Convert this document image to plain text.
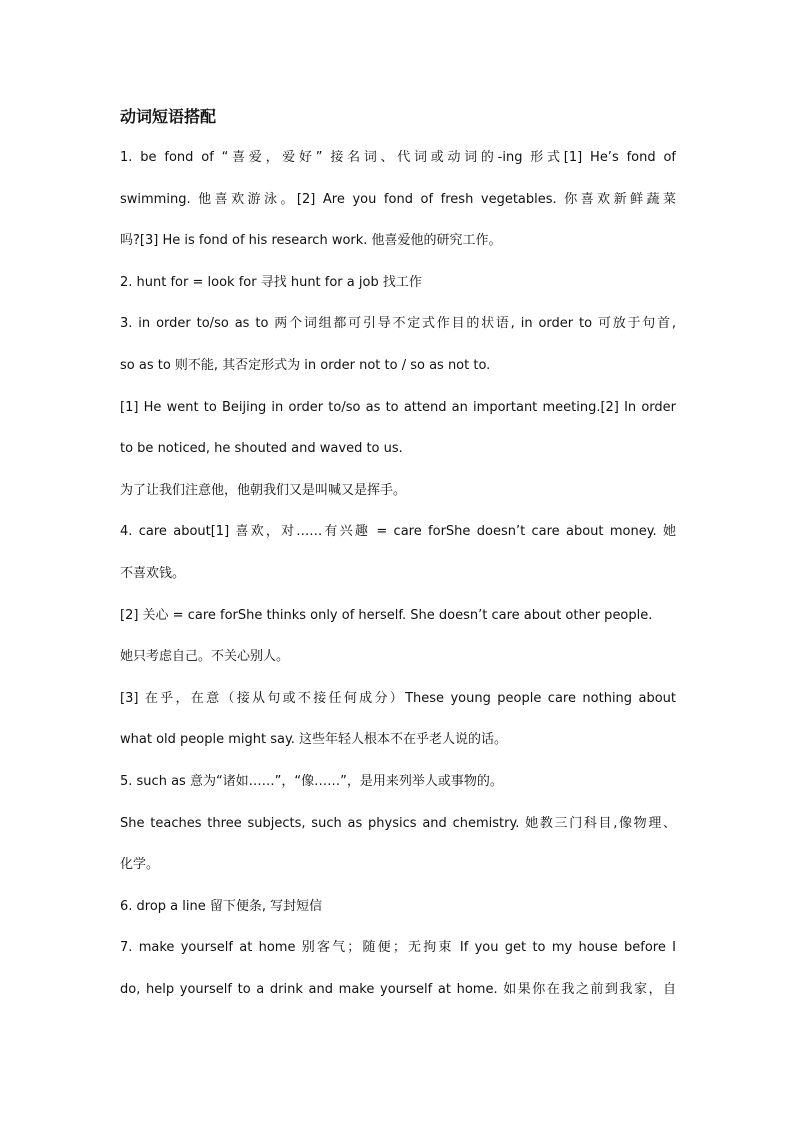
动词短语搭配
1. be fond of “喜爱，爱好” 接名词、代词或动词的-ing 形式[1] He’s fond of
swimming. 他喜欢游泳。[2] Are you fond of fresh vegetables. 你喜欢新鲜蔬菜
吗?[3] He is fond of his research work. 他喜爱他的研究工作。
2. hunt for = look for 寻找 hunt for a job 找工作
3. in order to/so as to 两个词组都可引导不定式作目的状语, in order to 可放于句首,
so as to 则不能, 其否定形式为 in order not to / so as not to.
[1] He went to Beijing in order to/so as to attend an important meeting.[2] In order
to be noticed, he shouted and waved to us.
为了让我们注意他，他朝我们又是叫喊又是挥手。
4. care about[1] 喜欢，对……有兴趣 = care forShe doesn’t care about money. 她
不喜欢钱。
[2] 关心 = care forShe thinks only of herself. She doesn’t care about other people.
她只考虑自己。不关心别人。
[3] 在乎，在意（接从句或不接任何成分）These young people care nothing about
what old people might say. 这些年轻人根本不在乎老人说的话。
5. such as 意为“诸如……”，“像……”，是用来列举人或事物的。
She teaches three subjects, such as physics and chemistry. 她教三门科目,像物理、
化学。
6. drop a line 留下便条, 写封短信
7. make yourself at home 别客气；随便；无拘束 If you get to my house before I
do, help yourself to a drink and make yourself at home. 如果你在我之前到我家，自
